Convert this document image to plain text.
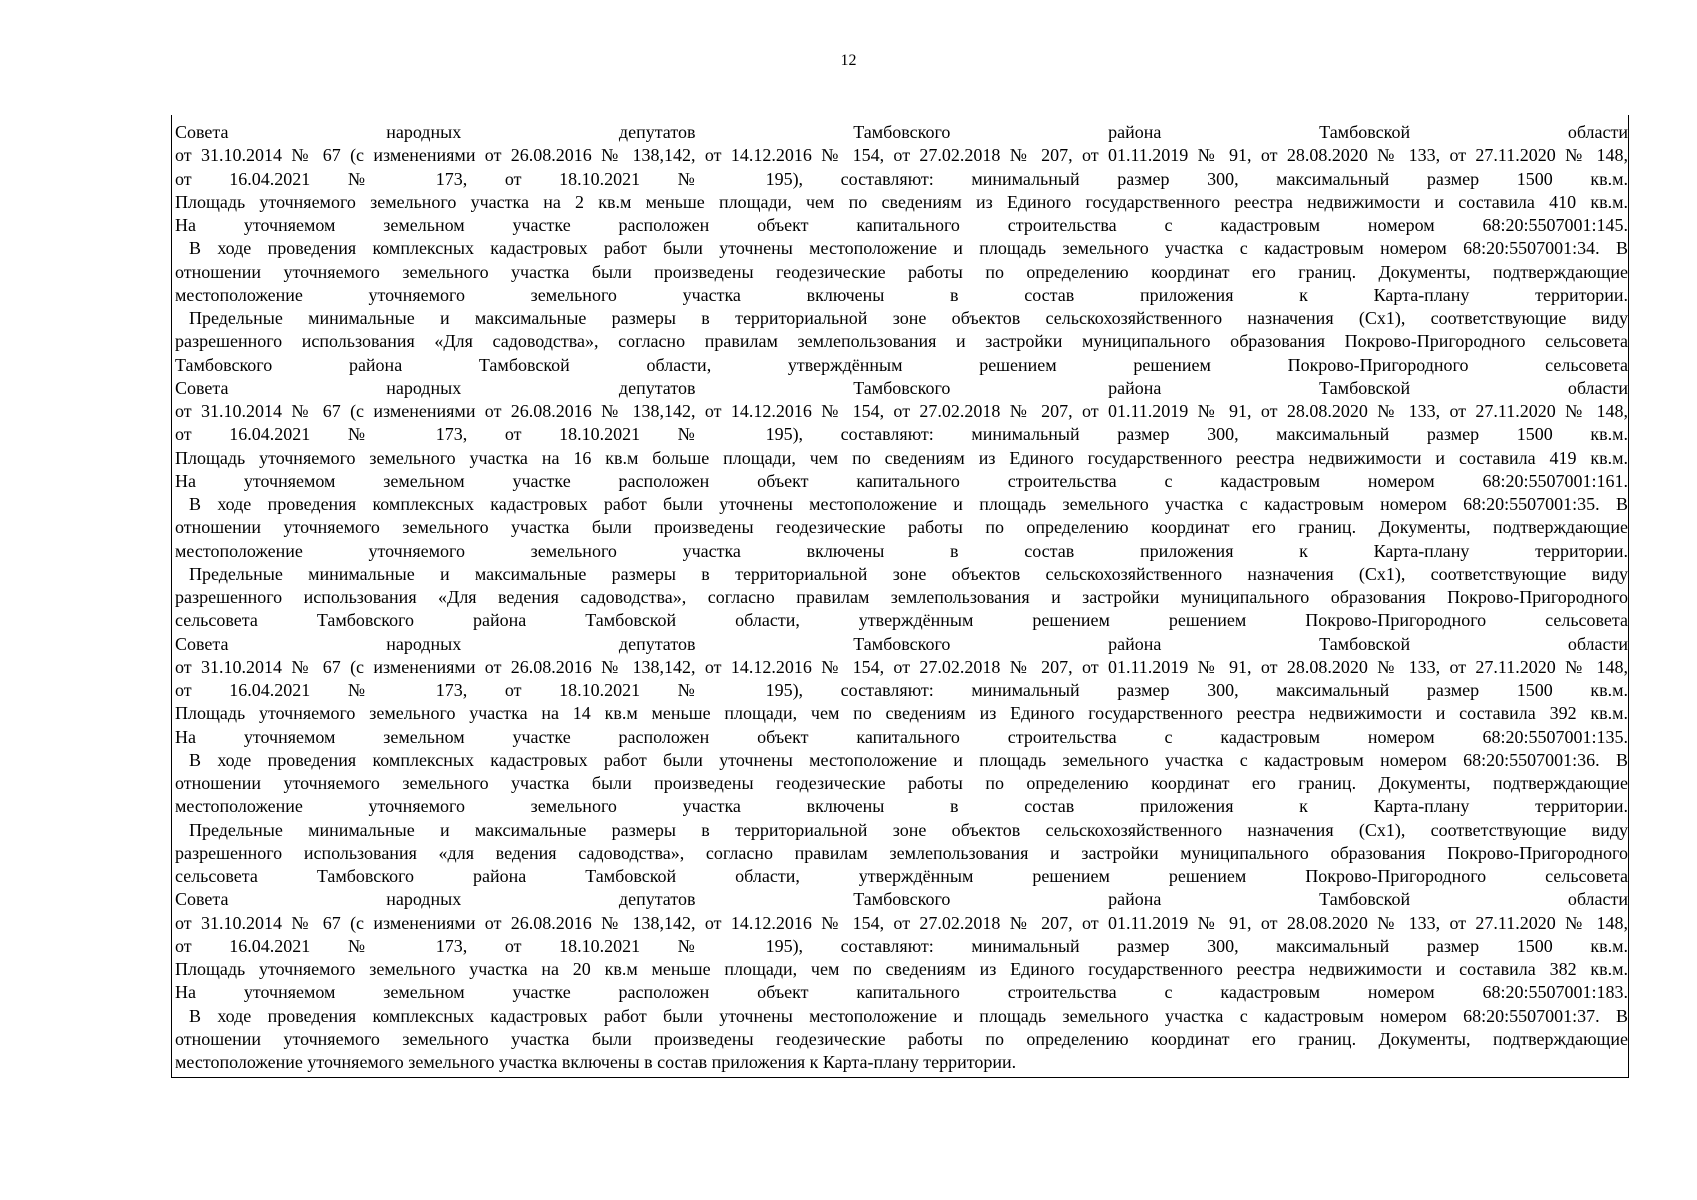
12
Совета народных депутатов Тамбовского района Тамбовской области
от 31.10.2014 № 67 (с изменениями от 26.08.2016 № 138,142, от 14.12.2016 № 154, от 27.02.2018 № 207, от 01.11.2019 № 91, от 28.08.2020 № 133, от 27.11.2020 № 148,
от 16.04.2021 № 173, от 18.10.2021 № 195), составляют: минимальный размер 300, максимальный размер 1500 кв.м.
Площадь уточняемого земельного участка на 2 кв.м меньше площади, чем по сведениям из Единого государственного реестра недвижимости и составила 410 кв.м.
На уточняемом земельном участке расположен объект капитального строительства с кадастровым номером 68:20:5507001:145.
В ходе проведения комплексных кадастровых работ были уточнены местоположение и площадь земельного участка с кадастровым номером 68:20:5507001:34. В
отношении уточняемого земельного участка были произведены геодезические работы по определению координат его границ. Документы, подтверждающие
местоположение уточняемого земельного участка включены в состав приложения к Карта-плану территории.
Предельные минимальные и максимальные размеры в территориальной зоне объектов сельскохозяйственного назначения (Сх1), соответствующие виду
разрешенного использования «Для садоводства», согласно правилам землепользования и застройки муниципального образования Покрово-Пригородного сельсовета
Тамбовского района Тамбовской области, утверждённым решением решением Покрово-Пригородного сельсовета
Совета народных депутатов Тамбовского района Тамбовской области
от 31.10.2014 № 67 (с изменениями от 26.08.2016 № 138,142, от 14.12.2016 № 154, от 27.02.2018 № 207, от 01.11.2019 № 91, от 28.08.2020 № 133, от 27.11.2020 № 148,
от 16.04.2021 № 173, от 18.10.2021 № 195), составляют: минимальный размер 300, максимальный размер 1500 кв.м.
Площадь уточняемого земельного участка на 16 кв.м больше площади, чем по сведениям из Единого государственного реестра недвижимости и составила 419 кв.м.
На уточняемом земельном участке расположен объект капитального строительства с кадастровым номером 68:20:5507001:161.
В ходе проведения комплексных кадастровых работ были уточнены местоположение и площадь земельного участка с кадастровым номером 68:20:5507001:35. В
отношении уточняемого земельного участка были произведены геодезические работы по определению координат его границ. Документы, подтверждающие
местоположение уточняемого земельного участка включены в состав приложения к Карта-плану территории.
Предельные минимальные и максимальные размеры в территориальной зоне объектов сельскохозяйственного назначения (Сх1), соответствующие виду
разрешенного использования «Для ведения садоводства», согласно правилам землепользования и застройки муниципального образования Покрово-Пригородного
сельсовета Тамбовского района Тамбовской области, утверждённым решением решением Покрово-Пригородного сельсовета
Совета народных депутатов Тамбовского района Тамбовской области
от 31.10.2014 № 67 (с изменениями от 26.08.2016 № 138,142, от 14.12.2016 № 154, от 27.02.2018 № 207, от 01.11.2019 № 91, от 28.08.2020 № 133, от 27.11.2020 № 148,
от 16.04.2021 № 173, от 18.10.2021 № 195), составляют: минимальный размер 300, максимальный размер 1500 кв.м.
Площадь уточняемого земельного участка на 14 кв.м меньше площади, чем по сведениям из Единого государственного реестра недвижимости и составила 392 кв.м.
На уточняемом земельном участке расположен объект капитального строительства с кадастровым номером 68:20:5507001:135.
В ходе проведения комплексных кадастровых работ были уточнены местоположение и площадь земельного участка с кадастровым номером 68:20:5507001:36. В
отношении уточняемого земельного участка были произведены геодезические работы по определению координат его границ. Документы, подтверждающие
местоположение уточняемого земельного участка включены в состав приложения к Карта-плану территории.
Предельные минимальные и максимальные размеры в территориальной зоне объектов сельскохозяйственного назначения (Сх1), соответствующие виду
разрешенного использования «для ведения садоводства», согласно правилам землепользования и застройки муниципального образования Покрово-Пригородного
сельсовета Тамбовского района Тамбовской области, утверждённым решением решением Покрово-Пригородного сельсовета
Совета народных депутатов Тамбовского района Тамбовской области
от 31.10.2014 № 67 (с изменениями от 26.08.2016 № 138,142, от 14.12.2016 № 154, от 27.02.2018 № 207, от 01.11.2019 № 91, от 28.08.2020 № 133, от 27.11.2020 № 148,
от 16.04.2021 № 173, от 18.10.2021 № 195), составляют: минимальный размер 300, максимальный размер 1500 кв.м.
Площадь уточняемого земельного участка на 20 кв.м меньше площади, чем по сведениям из Единого государственного реестра недвижимости и составила 382 кв.м.
На уточняемом земельном участке расположен объект капитального строительства с кадастровым номером 68:20:5507001:183.
В ходе проведения комплексных кадастровых работ были уточнены местоположение и площадь земельного участка с кадастровым номером 68:20:5507001:37. В
отношении уточняемого земельного участка были произведены геодезические работы по определению координат его границ. Документы, подтверждающие
местоположение уточняемого земельного участка включены в состав приложения к Карта-плану территории.
